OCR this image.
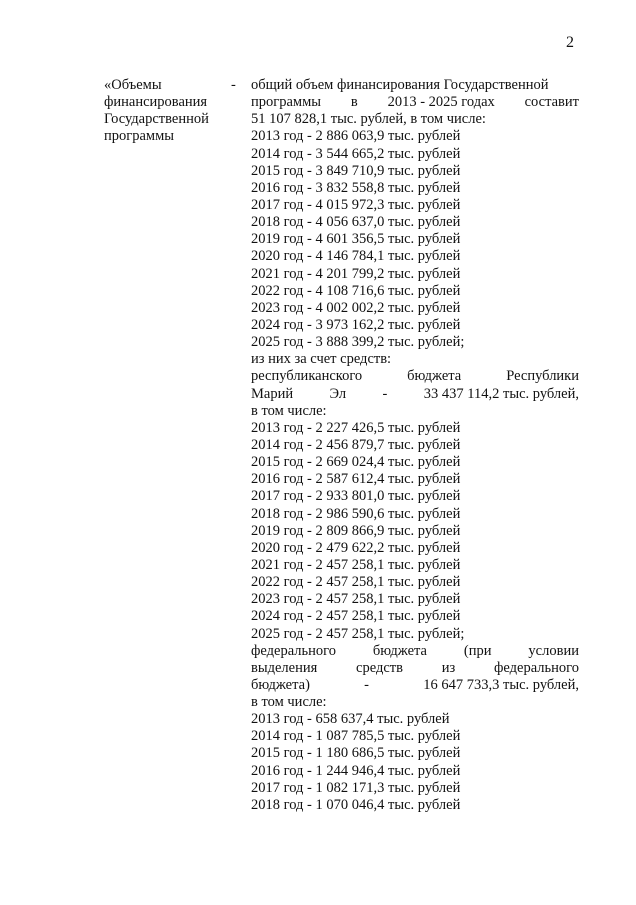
2
«Объемы
финансирования
Государственной
программы
- общий объем финансирования Государственной
программы в 2013 - 2025 годах составит
51 107 828,1 тыс. рублей, в том числе:
2013 год - 2 886 063,9 тыс. рублей
2014 год - 3 544 665,2 тыс. рублей
2015 год - 3 849 710,9 тыс. рублей
2016 год - 3 832 558,8 тыс. рублей
2017 год - 4 015 972,3 тыс. рублей
2018 год - 4 056 637,0 тыс. рублей
2019 год - 4 601 356,5 тыс. рублей
2020 год - 4 146 784,1 тыс. рублей
2021 год - 4 201 799,2 тыс. рублей
2022 год - 4 108 716,6 тыс. рублей
2023 год - 4 002 002,2 тыс. рублей
2024 год - 3 973 162,2 тыс. рублей
2025 год - 3 888 399,2 тыс. рублей;
из них за счет средств:
республиканского	бюджета	Республики
Марий	Эл	-	33 437 114,2 тыс. рублей,
в том числе:
2013 год - 2 227 426,5 тыс. рублей
2014 год - 2 456 879,7 тыс. рублей
2015 год - 2 669 024,4 тыс. рублей
2016 год - 2 587 612,4 тыс. рублей
2017 год - 2 933 801,0 тыс. рублей
2018 год - 2 986 590,6 тыс. рублей
2019 год - 2 809 866,9 тыс. рублей
2020 год - 2 479 622,2 тыс. рублей
2021 год - 2 457 258,1 тыс. рублей
2022 год - 2 457 258,1 тыс. рублей
2023 год - 2 457 258,1 тыс. рублей
2024 год - 2 457 258,1 тыс. рублей
2025 год - 2 457 258,1 тыс. рублей;
федерального	бюджета	(при	условии
выделения	средств	из	федерального
бюджета)	-	16 647 733,3 тыс. рублей,
в том числе:
2013 год - 658 637,4 тыс. рублей
2014 год - 1 087 785,5 тыс. рублей
2015 год - 1 180 686,5 тыс. рублей
2016 год - 1 244 946,4 тыс. рублей
2017 год - 1 082 171,3 тыс. рублей
2018 год - 1 070 046,4 тыс. рублей
